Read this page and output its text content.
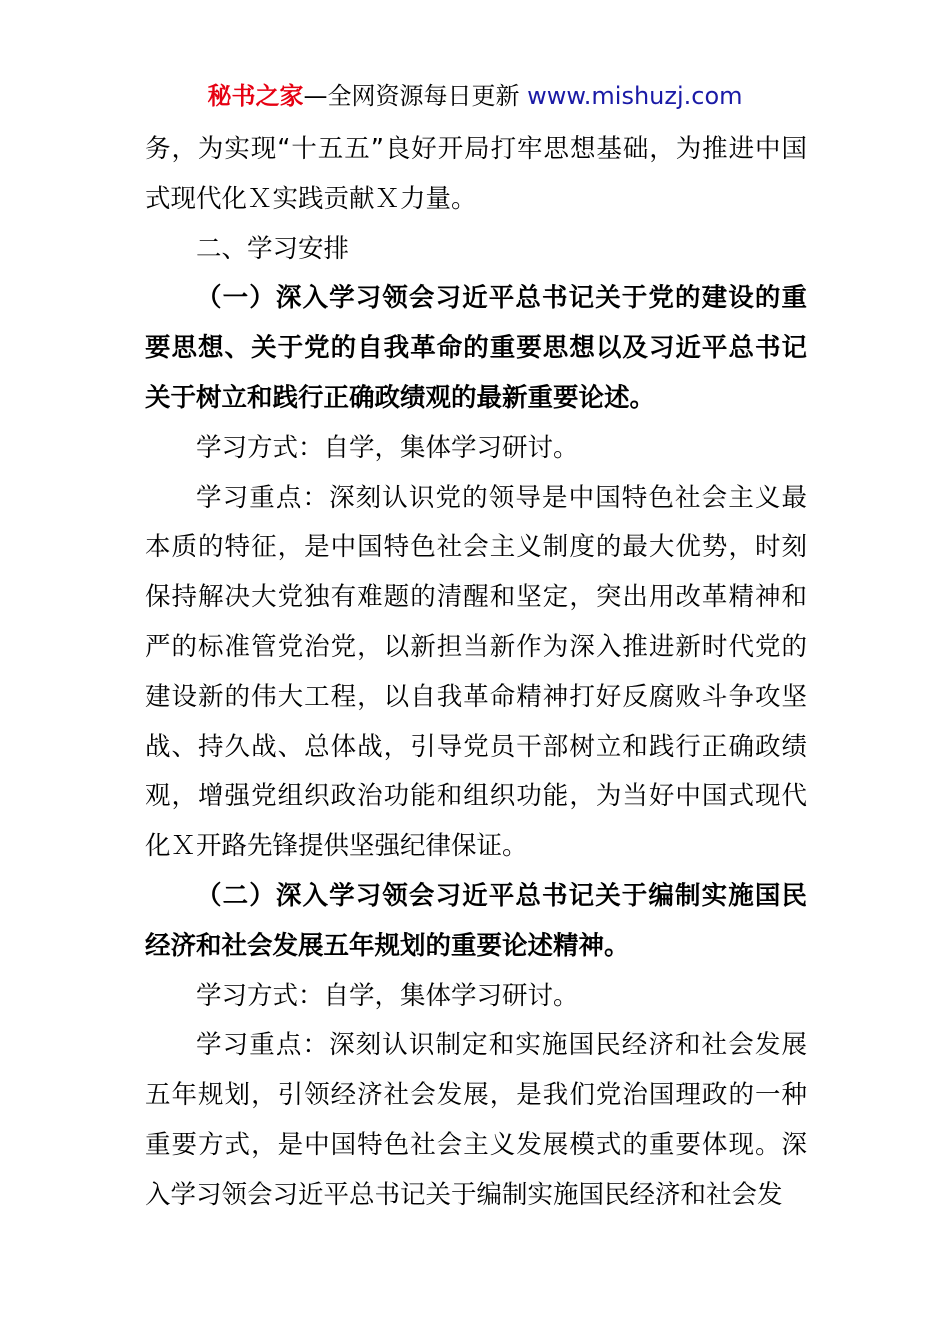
秘书之家—全网资源每日更新 www.mishuzj.com

务，为实现“十五五”良好开局打牢思想基础，为推进中国式现代化Ｘ实践贡献Ｘ力量。

二、学习安排

（一）深入学习领会习近平总书记关于党的建设的重要思想、关于党的自我革命的重要思想以及习近平总书记关于树立和践行正确政绩观的最新重要论述。

学习方式：自学，集体学习研讨。

学习重点：深刻认识党的领导是中国特色社会主义最本质的特征，是中国特色社会主义制度的最大优势，时刻保持解决大党独有难题的清醒和坚定，突出用改革精神和严的标准管党治党，以新担当新作为深入推进新时代党的建设新的伟大工程，以自我革命精神打好反腐败斗争攻坚战、持久战、总体战，引导党员干部树立和践行正确政绩观，增强党组织政治功能和组织功能，为当好中国式现代化Ｘ开路先锋提供坚强纪律保证。

（二）深入学习领会习近平总书记关于编制实施国民经济和社会发展五年规划的重要论述精神。

学习方式：自学，集体学习研讨。

学习重点：深刻认识制定和实施国民经济和社会发展五年规划，引领经济社会发展，是我们党治国理政的一种重要方式，是中国特色社会主义发展模式的重要体现。深入学习领会习近平总书记关于编制实施国民经济和社会发
